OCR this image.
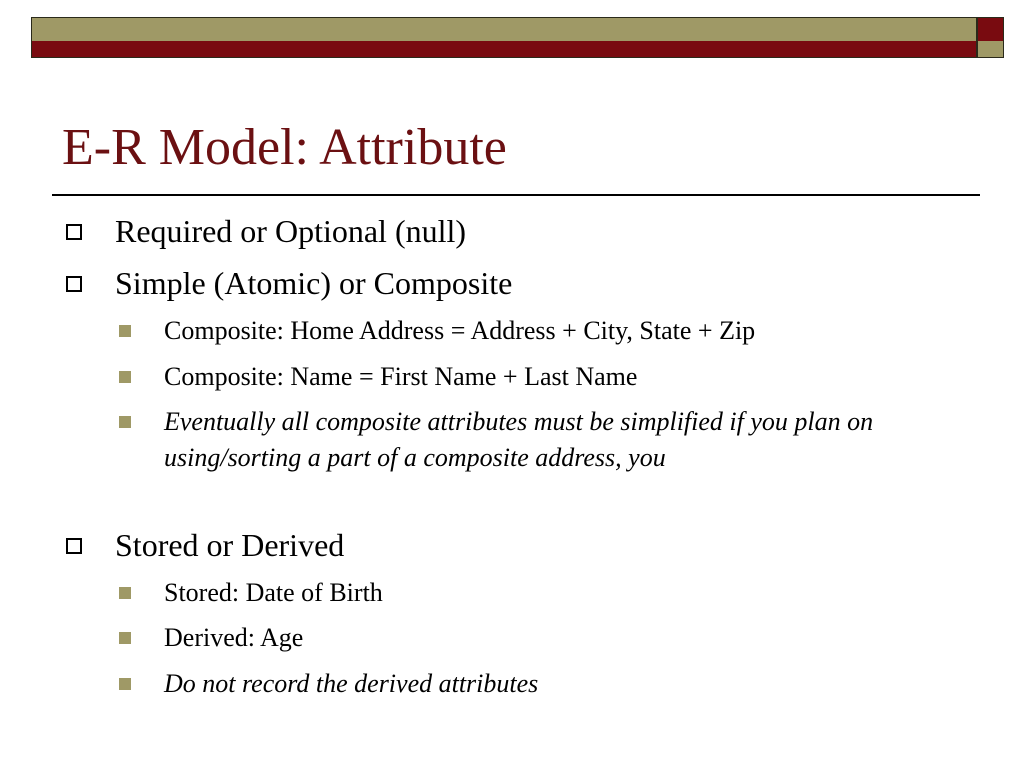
E-R Model: Attribute
Required or Optional (null)
Simple (Atomic) or Composite
Composite: Home Address = Address + City, State + Zip
Composite: Name = First Name + Last Name
Eventually all composite attributes must be simplified if you plan on using/sorting a part of a composite address, you
Stored or Derived
Stored: Date of Birth
Derived: Age
Do not record the derived attributes
